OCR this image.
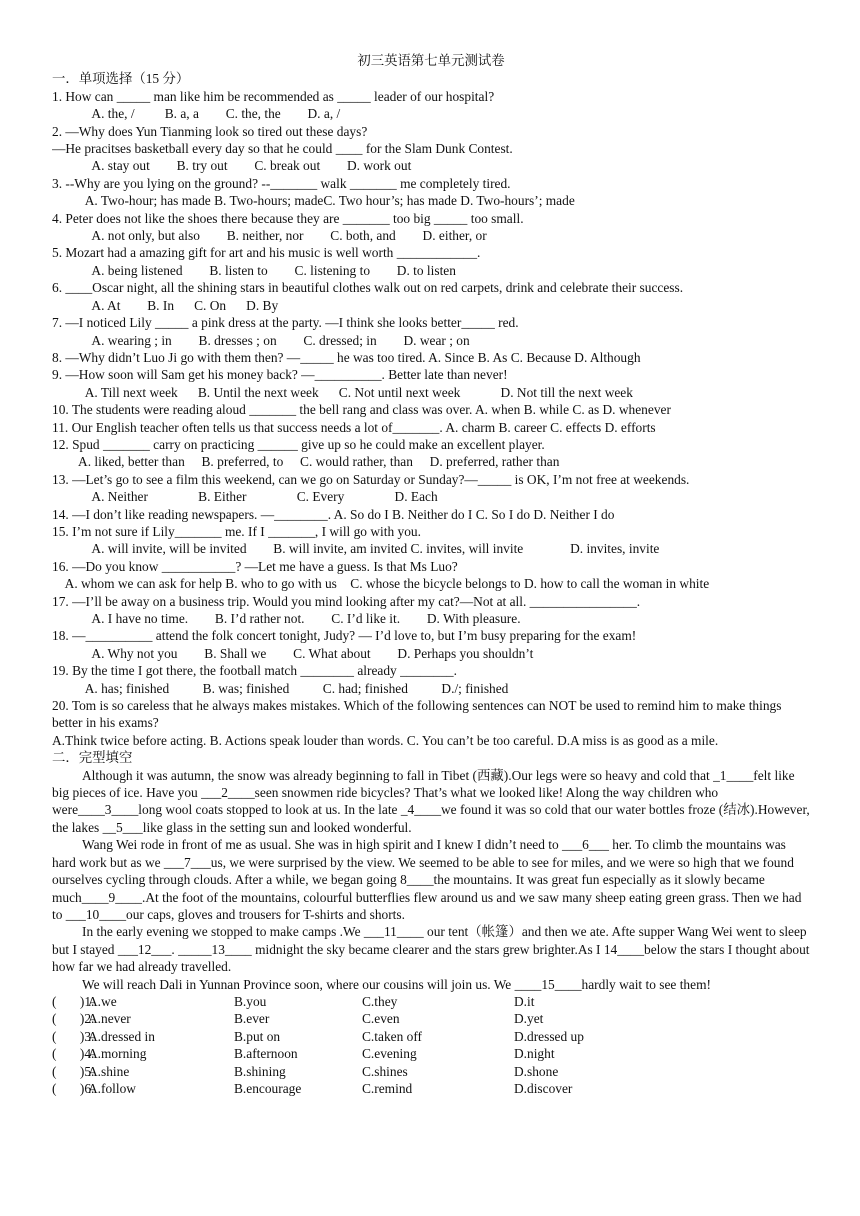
初三英语第七单元测试卷
一．单项选择（15 分）
1. How can _____ man like him be recommended as _____ leader of our hospital?
A. the, /         B. a, a        C. the, the        D. a, /
2. —Why does Yun Tianming look so tired out these days?
—He pracitses basketball every day so that he could ____ for the Slam Dunk Contest.
A. stay out        B. try out        C. break out        D. work out
3. --Why are you lying on the ground? --_______ walk _______ me completely tired.
A. Two-hour; has made B. Two-hours; madeC. Two hour’s; has made D. Two-hours’; made
4. Peter does not like the shoes there because they are _______ too big _____ too small.
A. not only, but also        B. neither, nor        C. both, and        D. either, or
5. Mozart had a amazing gift for art and his music is well worth ____________.
A. being listened        B. listen to        C. listening to        D. to listen
6. ____Oscar night, all the shining stars in beautiful clothes walk out on red carpets, drink and celebrate their success.
A. At        B. In      C. On      D. By
7. —I noticed Lily _____ a pink dress at the party. —I think she looks better_____ red.
A. wearing ; in        B. dresses ; on        C. dressed; in        D. wear ; on
8. —Why didn’t Luo Ji go with them then? —_____ he was too tired. A. Since B. As C. Because D. Although
9. —How soon will Sam get his money back? —__________. Better late than never!
A. Till next week      B. Until the next week      C. Not until next week            D. Not till the next week
10. The students were reading aloud _______ the bell rang and class was over. A. when B. while C. as D. whenever
11. Our English teacher often tells us that success needs a lot of_______. A. charm B. career C. effects D. efforts
12. Spud _______ carry on practicing ______ give up so he could make an excellent player.
A. liked, better than     B. preferred, to     C. would rather, than     D. preferred, rather than
13. —Let’s go to see a film this weekend, can we go on Saturday or Sunday?—_____ is OK, I’m not free at weekends.
A. Neither               B. Either               C. Every               D. Each
14. —I don’t like reading newspapers. —________. A. So do I B. Neither do I C. So I do D. Neither I do
15. I’m not sure if Lily_______ me. If I _______, I will go with you.
A. will invite, will be invited        B. will invite, am invited C. invites, will invite              D. invites, invite
16. —Do you know ___________? —Let me have a guess. Is that Ms Luo?
A. whom we can ask for help B. who to go with us    C. whose the bicycle belongs to D. how to call the woman in white
17. —I’ll be away on a business trip. Would you mind looking after my cat?—Not at all. ________________.
A. I have no time.        B. I’d rather not.        C. I’d like it.        D. With pleasure.
18. —__________ attend the folk concert tonight, Judy? — I’d love to, but I’m busy preparing for the exam!
A. Why not you        B. Shall we        C. What about        D. Perhaps you shouldn’t
19. By the time I got there, the football match ________ already ________.
A. has; finished          B. was; finished          C. had; finished          D./; finished
20. Tom is so careless that he always makes mistakes. Which of the following sentences can NOT be used to remind him to make things better in his exams?
A.Think twice before acting. B. Actions speak louder than words. C. You can’t be too careful. D.A miss is as good as a mile.
二．完型填空
Although it was autumn, the snow was already beginning to fall in Tibet (西藏).Our legs were so heavy and cold that _1____felt like big pieces of ice. Have you ___2____seen snowmen ride bicycles? That’s what we looked like! Along the way children who were____3____long wool coats stopped to look at us. In the late _4____we found it was so cold that our water bottles froze (结冰).However, the lakes __5___like glass in the setting sun and looked wonderful.
Wang Wei rode in front of me as usual. She was in high spirit and I knew I didn’t need to ___6___ her. To climb the mountains was hard work but as we ___7___us, we were surprised by the view. We seemed to be able to see for miles, and we were so high that we found ourselves cycling through clouds. After a while, we began going 8____the mountains. It was great fun especially as it slowly became much____9____.At the foot of the mountains, colourful butterflies flew around us and we saw many sheep eating green grass. Then we had to ___10____our caps, gloves and trousers for T-shirts and shorts.
In the early evening we stopped to make camps .We ___11____ our tent（帐篷）and then we ate. Afte supper Wang Wei went to sleep but I stayed ___12___. _____13____ midnight the sky became clearer and the stars grew brighter.As I 14____below the stars I thought about how far we had already travelled.
We will reach Dali in Yunnan Province soon, where our cousins will join us. We ____15____hardly wait to see them!
(       )1.
A.we	B.you	C.they	D.it
(       )2.
A.never	B.ever	C.even	D.yet
(       )3.
A.dressed in	B.put on	C.taken off	D.dressed up
(       )4.
A.morning	B.afternoon	C.evening	D.night
(       )5.
A.shine	B.shining	C.shines	D.shone
(       )6.
A.follow	B.encourage	C.remind	D.discover
